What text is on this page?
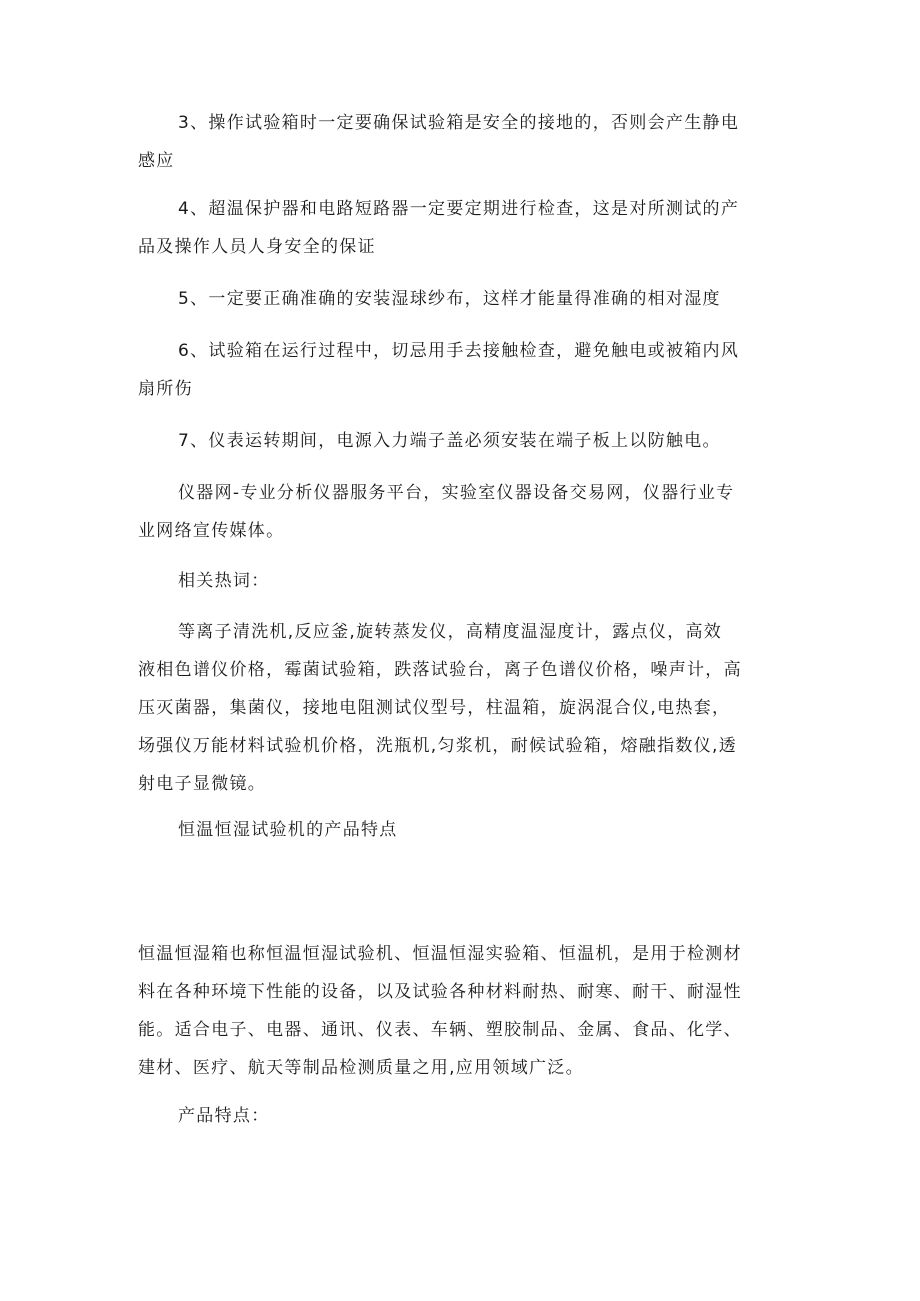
3、操作试验箱时一定要确保试验箱是安全的接地的，否则会产生静电
感应
4、超温保护器和电路短路器一定要定期进行检查，这是对所测试的产
品及操作人员人身安全的保证
5、一定要正确准确的安装湿球纱布，这样才能量得准确的相对湿度
6、试验箱在运行过程中，切忌用手去接触检查，避免触电或被箱内风
扇所伤
7、仪表运转期间，电源入力端子盖必须安装在端子板上以防触电。
仪器网-专业分析仪器服务平台，实验室仪器设备交易网，仪器行业专
业网络宣传媒体。
相关热词：
等离子清洗机,反应釜,旋转蒸发仪，高精度温湿度计，露点仪，高效
液相色谱仪价格，霉菌试验箱，跌落试验台，离子色谱仪价格，噪声计，高
压灭菌器，集菌仪，接地电阻测试仪型号，柱温箱，旋涡混合仪,电热套，
场强仪万能材料试验机价格，洗瓶机,匀浆机，耐候试验箱，熔融指数仪,透
射电子显微镜。
恒温恒湿试验机的产品特点
恒温恒湿箱也称恒温恒湿试验机、恒温恒湿实验箱、恒温机，是用于检测材
料在各种环境下性能的设备，以及试验各种材料耐热、耐寒、耐干、耐湿性
能。适合电子、电器、通讯、仪表、车辆、塑胶制品、金属、食品、化学、
建材、医疗、航天等制品检测质量之用,应用领域广泛。
产品特点：
